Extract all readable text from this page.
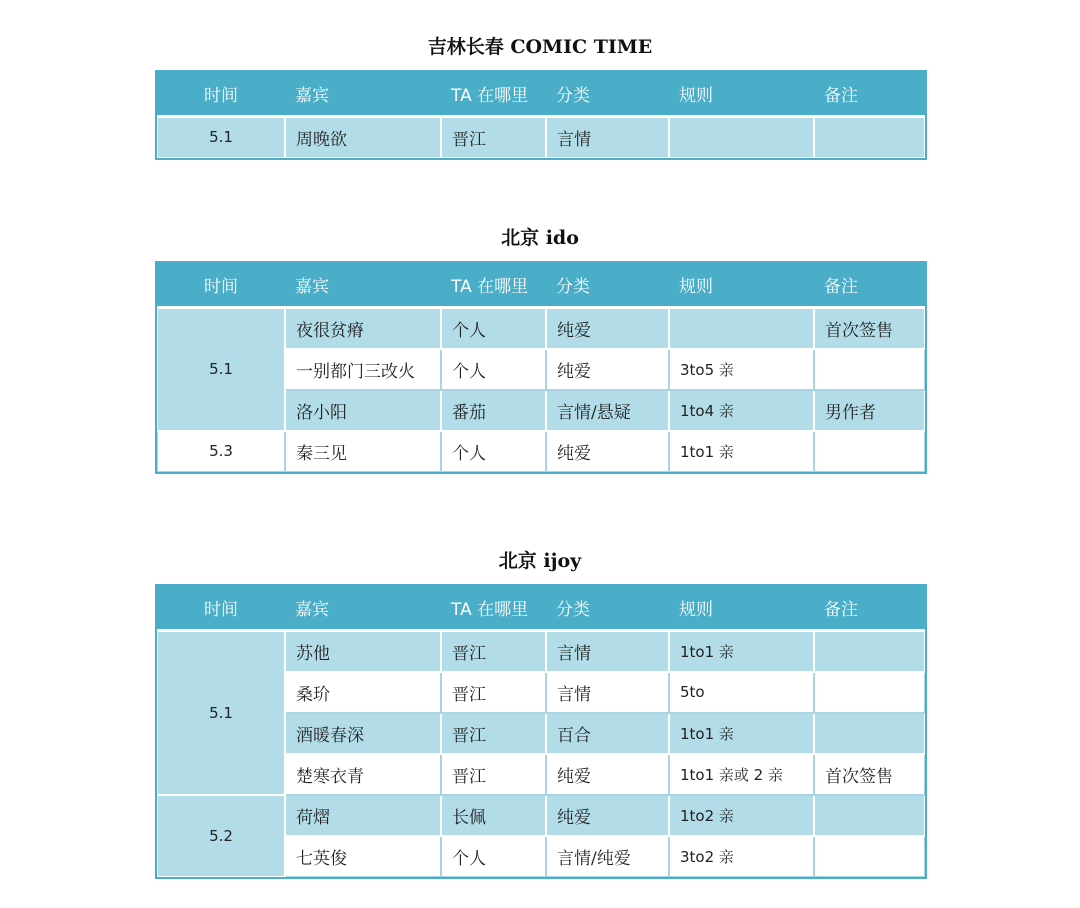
吉林长春 COMIC TIME
时间	嘉宾	TA 在哪里	分类	规则	备注
5.1	周晚欲	晋江	言情		
北京 ido
时间	嘉宾	TA 在哪里	分类	规则	备注
5.1	夜很贫瘠	个人	纯爱		首次签售
	一别都门三改火	个人	纯爱	3to5 亲	
	洛小阳	番茄	言情/悬疑	1to4 亲	男作者
5.3	秦三见	个人	纯爱	1to1 亲	
北京 ijoy
时间	嘉宾	TA 在哪里	分类	规则	备注
5.1	苏他	晋江	言情	1to1 亲	
	桑玠	晋江	言情	5to	
	酒暖春深	晋江	百合	1to1 亲	
	楚寒衣青	晋江	纯爱	1to1 亲或 2 亲	首次签售
5.2	荷熠	长佩	纯爱	1to2 亲	
	七英俊	个人	言情/纯爱	3to2 亲	
